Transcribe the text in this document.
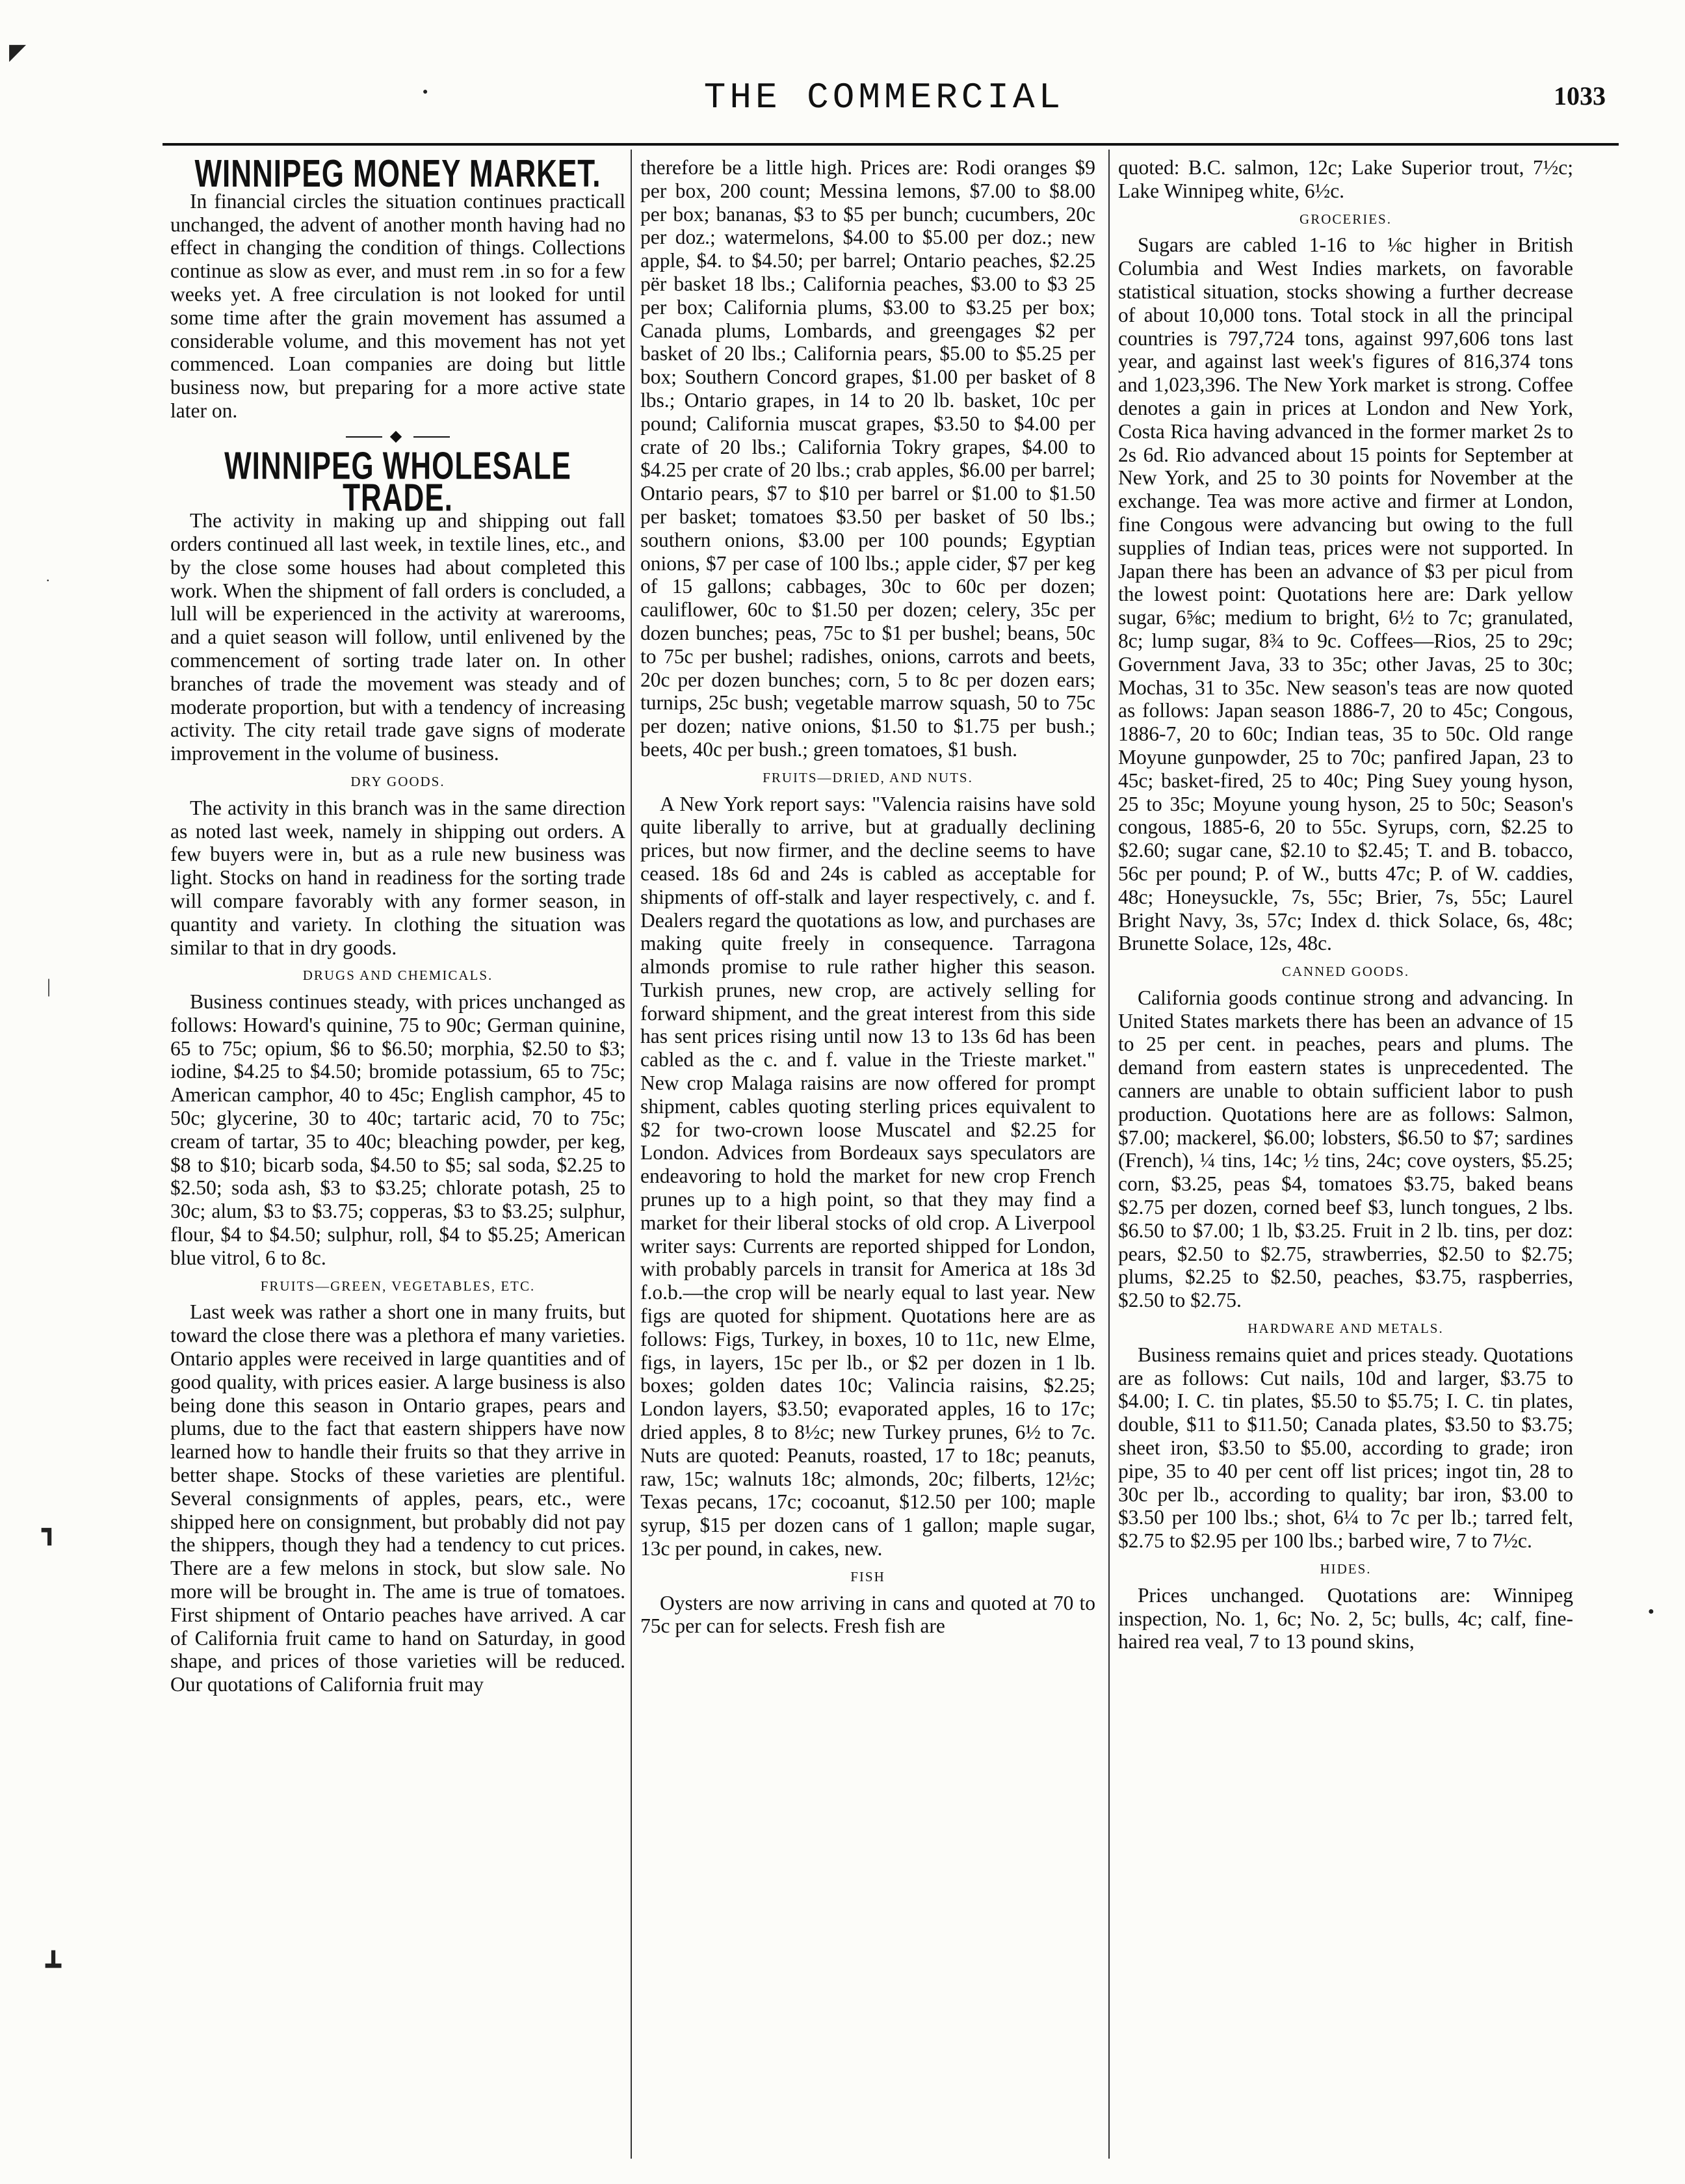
THE COMMERCIAL	1033
WINNIPEG MONEY MARKET.

In financial circles the situation continues practicall unchanged, the advent of another month having had no effect in changing the condition of things. Collections continue as slow as ever, and must rem .in so for a few weeks yet. A free circulation is not looked for until some time after the grain movement has assumed a considerable volume, and this movement has not yet commenced. Loan companies are doing but little business now, but preparing for a more active state later on.

◆
WINNIPEG WHOLESALE TRADE.

The activity in making up and shipping out fall orders continued all last week, in textile lines, etc., and by the close some houses had about completed this work. When the shipment of fall orders is concluded, a lull will be experienced in the activity at warerooms, and a quiet season will follow, until enlivened by the commencement of sorting trade later on. In other branches of trade the movement was steady and of moderate proportion, but with a tendency of increasing activity. The city retail trade gave signs of moderate improvement in the volume of business.

DRY GOODS.

The activity in this branch was in the same direction as noted last week, namely in shipping out orders. A few buyers were in, but as a rule new business was light. Stocks on hand in readiness for the sorting trade will compare favorably with any former season, in quantity and variety. In clothing the situation was similar to that in dry goods.

DRUGS AND CHEMICALS.

Business continues steady, with prices unchanged as follows: Howard's quinine, 75 to 90c; German quinine, 65 to 75c; opium, $6 to $6.50; morphia, $2.50 to $3; iodine, $4.25 to $4.50; bromide potassium, 65 to 75c; American camphor, 40 to 45c; English camphor, 45 to 50c; glycerine, 30 to 40c; tartaric acid, 70 to 75c; cream of tartar, 35 to 40c; bleaching powder, per keg, $8 to $10; bicarb soda, $4.50 to $5; sal soda, $2.25 to $2.50; soda ash, $3 to $3.25; chlorate potash, 25 to 30c; alum, $3 to $3.75; copperas, $3 to $3.25; sulphur, flour, $4 to $4.50; sulphur, roll, $4 to $5.25; American blue vitrol, 6 to 8c.

FRUITS—GREEN, VEGETABLES, ETC.

Last week was rather a short one in many fruits, but toward the close there was a plethora ef many varieties. Ontario apples were received in large quantities and of good quality, with prices easier. A large business is also being done this season in Ontario grapes, pears and plums, due to the fact that eastern shippers have now learned how to handle their fruits so that they arrive in better shape. Stocks of these varieties are plentiful. Several consignments of apples, pears, etc., were shipped here on consignment, but probably did not pay the shippers, though they had a tendency to cut prices. There are a few melons in stock, but slow sale. No more will be brought in. The ame is true of tomatoes. First shipment of Ontario peaches have arrived. A car of California fruit came to hand on Saturday, in good shape, and prices of those varieties will be reduced. Our quotations of California fruit may

therefore be a little high. Prices are: Rodi oranges $9 per box, 200 count; Messina lemons, $7.00 to $8.00 per box; bananas, $3 to $5 per bunch; cucumbers, 20c per doz.; watermelons, $4.00 to $5.00 per doz.; new apple, $4. to $4.50; per barrel; Ontario peaches, $2.25 për basket 18 lbs.; California peaches, $3.00 to $3 25 per box; California plums, $3.00 to $3.25 per box; Canada plums, Lombards, and greengages $2 per basket of 20 lbs.; California pears, $5.00 to $5.25 per box; Southern Concord grapes, $1.00 per basket of 8 lbs.; Ontario grapes, in 14 to 20 lb. basket, 10c per pound; California muscat grapes, $3.50 to $4.00 per crate of 20 lbs.; California Tokry grapes, $4.00 to $4.25 per crate of 20 lbs.; crab apples, $6.00 per barrel; Ontario pears, $7 to $10 per barrel or $1.00 to $1.50 per basket; tomatoes $3.50 per basket of 50 lbs.; southern onions, $3.00 per 100 pounds; Egyptian onions, $7 per case of 100 lbs.; apple cider, $7 per keg of 15 gallons; cabbages, 30c to 60c per dozen; cauliflower, 60c to $1.50 per dozen; celery, 35c per dozen bunches; peas, 75c to $1 per bushel; beans, 50c to 75c per bushel; radishes, onions, carrots and beets, 20c per dozen bunches; corn, 5 to 8c per dozen ears; turnips, 25c bush; vegetable marrow squash, 50 to 75c per dozen; native onions, $1.50 to $1.75 per bush.; beets, 40c per bush.; green tomatoes, $1 bush.

FRUITS—DRIED, AND NUTS.

A New York report says: "Valencia raisins have sold quite liberally to arrive, but at gradually declining prices, but now firmer, and the decline seems to have ceased. 18s 6d and 24s is cabled as acceptable for shipments of off-stalk and layer respectively, c. and f. Dealers regard the quotations as low, and purchases are making quite freely in consequence. Tarragona almonds promise to rule rather higher this season. Turkish prunes, new crop, are actively selling for forward shipment, and the great interest from this side has sent prices rising until now 13 to 13s 6d has been cabled as the c. and f. value in the Trieste market." New crop Malaga raisins are now offered for prompt shipment, cables quoting sterling prices equivalent to $2 for two-crown loose Muscatel and $2.25 for London. Advices from Bordeaux says speculators are endeavoring to hold the market for new crop French prunes up to a high point, so that they may find a market for their liberal stocks of old crop. A Liverpool writer says: Currents are reported shipped for London, with probably parcels in transit for America at 18s 3d f.o.b.—the crop will be nearly equal to last year. New figs are quoted for shipment. Quotations here are as follows: Figs, Turkey, in boxes, 10 to 11c, new Elme, figs, in layers, 15c per lb., or $2 per dozen in 1 lb. boxes; golden dates 10c; Valincia raisins, $2.25; London layers, $3.50; evaporated apples, 16 to 17c; dried apples, 8 to 8½c; new Turkey prunes, 6½ to 7c. Nuts are quoted: Peanuts, roasted, 17 to 18c; peanuts, raw, 15c; walnuts 18c; almonds, 20c; filberts, 12½c; Texas pecans, 17c; cocoanut, $12.50 per 100; maple syrup, $15 per dozen cans of 1 gallon; maple sugar, 13c per pound, in cakes, new.

FISH

Oysters are now arriving in cans and quoted at 70 to 75c per can for selects. Fresh fish are

quoted: B.C. salmon, 12c; Lake Superior trout, 7½c; Lake Winnipeg white, 6½c.

GROCERIES.

Sugars are cabled 1-16 to ⅛c higher in British Columbia and West Indies markets, on favorable statistical situation, stocks showing a further decrease of about 10,000 tons. Total stock in all the principal countries is 797,724 tons, against 997,606 tons last year, and against last week's figures of 816,374 tons and 1,023,396. The New York market is strong. Coffee denotes a gain in prices at London and New York, Costa Rica having advanced in the former market 2s to 2s 6d. Rio advanced about 15 points for September at New York, and 25 to 30 points for November at the exchange. Tea was more active and firmer at London, fine Congous were advancing but owing to the full supplies of Indian teas, prices were not supported. In Japan there has been an advance of $3 per picul from the lowest point: Quotations here are: Dark yellow sugar, 6⅝c; medium to bright, 6½ to 7c; granulated, 8c; lump sugar, 8¾ to 9c. Coffees—Rios, 25 to 29c; Government Java, 33 to 35c; other Javas, 25 to 30c; Mochas, 31 to 35c. New season's teas are now quoted as follows: Japan season 1886-7, 20 to 45c; Congous, 1886-7, 20 to 60c; Indian teas, 35 to 50c. Old range Moyune gunpowder, 25 to 70c; panfired Japan, 23 to 45c; basket-fired, 25 to 40c; Ping Suey young hyson, 25 to 35c; Moyune young hyson, 25 to 50c; Season's congous, 1885-6, 20 to 55c. Syrups, corn, $2.25 to $2.60; sugar cane, $2.10 to $2.45; T. and B. tobacco, 56c per pound; P. of W., butts 47c; P. of W. caddies, 48c; Honeysuckle, 7s, 55c; Brier, 7s, 55c; Laurel Bright Navy, 3s, 57c; Index d. thick Solace, 6s, 48c; Brunette Solace, 12s, 48c.

CANNED GOODS.

California goods continue strong and advancing. In United States markets there has been an advance of 15 to 25 per cent. in peaches, pears and plums. The demand from eastern states is unprecedented. The canners are unable to obtain sufficient labor to push production. Quotations here are as follows: Salmon, $7.00; mackerel, $6.00; lobsters, $6.50 to $7; sardines (French), ¼ tins, 14c; ½ tins, 24c; cove oysters, $5.25; corn, $3.25, peas $4, tomatoes $3.75, baked beans $2.75 per dozen, corned beef $3, lunch tongues, 2 lbs. $6.50 to $7.00; 1 lb, $3.25. Fruit in 2 lb. tins, per doz: pears, $2.50 to $2.75, strawberries, $2.50 to $2.75; plums, $2.25 to $2.50, peaches, $3.75, raspberries, $2.50 to $2.75.

HARDWARE AND METALS.

Business remains quiet and prices steady. Quotations are as follows: Cut nails, 10d and larger, $3.75 to $4.00; I. C. tin plates, $5.50 to $5.75; I. C. tin plates, double, $11 to $11.50; Canada plates, $3.50 to $3.75; sheet iron, $3.50 to $5.00, according to grade; iron pipe, 35 to 40 per cent off list prices; ingot tin, 28 to 30c per lb., according to quality; bar iron, $3.00 to $3.50 per 100 lbs.; shot, 6¼ to 7c per lb.; tarred felt, $2.75 to $2.95 per 100 lbs.; barbed wire, 7 to 7½c.

HIDES.

Prices unchanged. Quotations are: Winnipeg inspection, No. 1, 6c; No. 2, 5c; bulls, 4c; calf, fine-haired rea veal, 7 to 13 pound skins,

◤
●
·
|
┓
┻
●
